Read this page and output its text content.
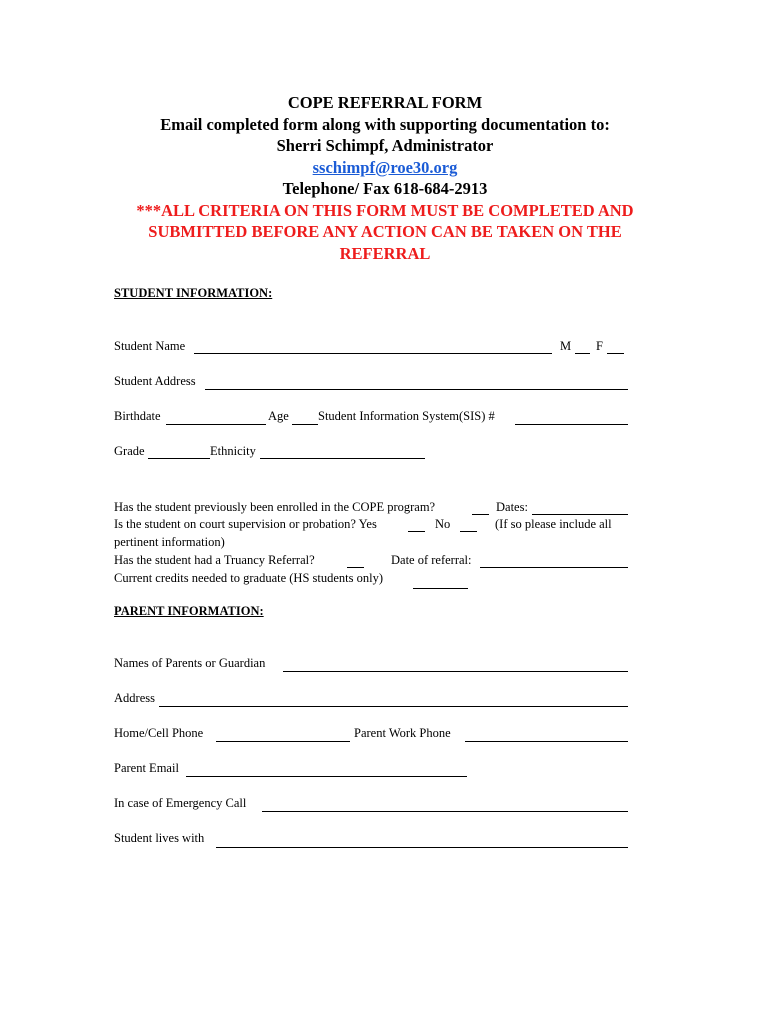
COPE REFERRAL FORM
Email completed form along with supporting documentation to:
Sherri Schimpf, Administrator
sschimpf@roe30.org
Telephone/ Fax 618-684-2913
***ALL CRITERIA ON THIS FORM MUST BE COMPLETED AND
SUBMITTED BEFORE ANY ACTION CAN BE TAKEN ON THE
REFERRAL
STUDENT INFORMATION:
Student Name	M F
Student Address
Birthdate	Age Student Information System(SIS) #
Grade	Ethnicity
Has the student previously been enrolled in the COPE program?	Dates:
Is the student on court supervision or probation? Yes	No	(If so please include all
pertinent information)
Has the student had a Truancy Referral?	Date of referral:
Current credits needed to graduate (HS students only)
PARENT INFORMATION:
Names of Parents or Guardian
Address
Home/Cell Phone	Parent Work Phone
Parent Email
In case of Emergency Call
Student lives with
